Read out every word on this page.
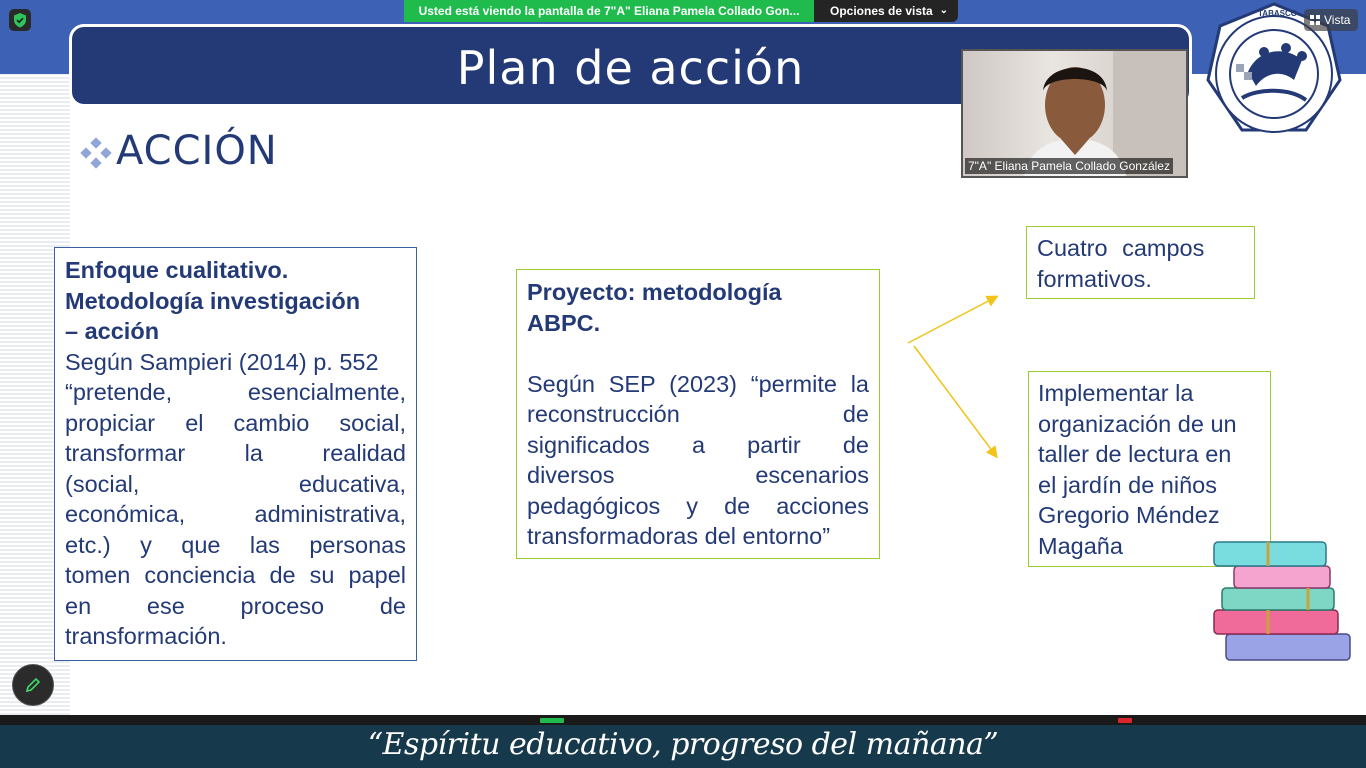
Plan de acción
Usted está viendo la pantalla de 7"A" Eliana Pamela Collado Gon...	Opciones de vista ⌄	TABASCO Vista
7"A" Eliana Pamela Collado González
ACCIÓN
Enfoque cualitativo.
Metodología investigación
– acción
Según Sampieri (2014) p. 552
“pretende, esencialmente,
propiciar el cambio social,
transformar la realidad
(social, educativa,
económica, administrativa,
etc.) y que las personas
tomen conciencia de su papel
en ese proceso de
transformación.
Proyecto: metodología
ABPC.
Según SEP (2023) “permite la
reconstrucción de
significados a partir de
diversos escenarios
pedagógicos y de acciones
transformadoras del entorno”
Cuatro campos
formativos.
Implementar la
organización de un
taller de lectura en
el jardín de niños
Gregorio Méndez
Magaña
“Espíritu educativo, progreso del mañana”
